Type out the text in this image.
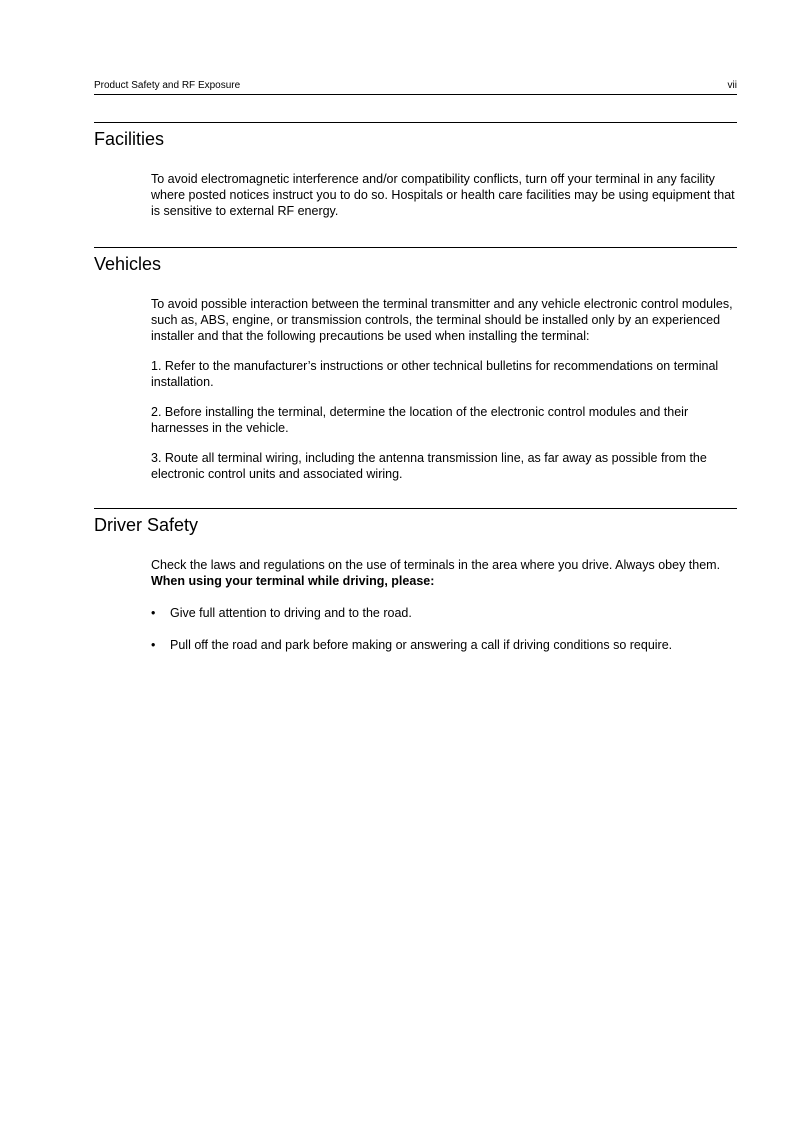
Product Safety and RF Exposure	vii
Facilities

To avoid electromagnetic interference and/or compatibility conflicts, turn off your terminal in any facility where posted notices instruct you to do so. Hospitals or health care facilities may be using equipment that is sensitive to external RF energy.

Vehicles

To avoid possible interaction between the terminal transmitter and any vehicle electronic control modules, such as, ABS, engine, or transmission controls, the terminal should be installed only by an experienced installer and that the following precautions be used when installing the terminal:

1. Refer to the manufacturer’s instructions or other technical bulletins for recommendations on terminal installation.

2. Before installing the terminal, determine the location of the electronic control modules and their harnesses in the vehicle.

3. Route all terminal wiring, including the antenna transmission line, as far away as possible from the electronic control units and associated wiring.

Driver Safety

Check the laws and regulations on the use of terminals in the area where you drive. Always obey them. When using your terminal while driving, please:

• Give full attention to driving and to the road.
• Pull off the road and park before making or answering a call if driving conditions so require.
